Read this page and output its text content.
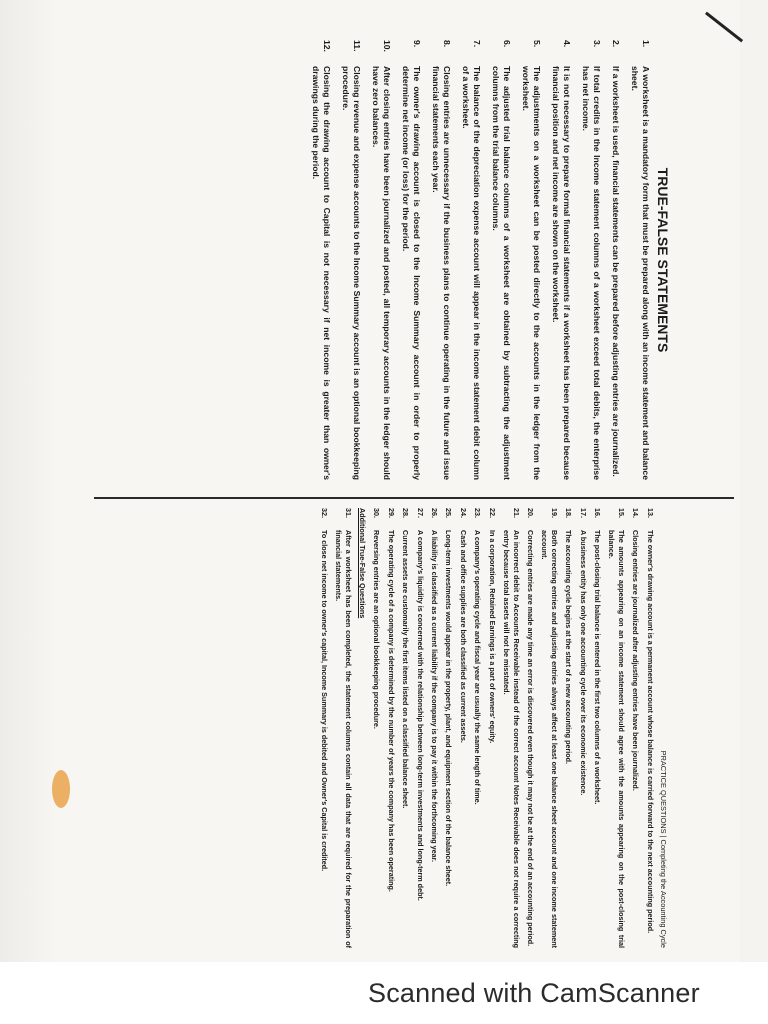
TRUE-FALSE STATEMENTS
1.
A worksheet is a mandatory form that must be prepared along with an income statement and balance sheet.
2.
If a worksheet is used, financial statements can be prepared before adjusting entries are journalized.
3.
If total credits in the Income statement columns of a worksheet exceed total debits, the enterprise has net income.
4.
It is not necessary to prepare formal financial statements if a worksheet has been prepared because financial position and net income are shown on the worksheet.
5.
The adjustments on a worksheet can be posted directly to the accounts in the ledger from the worksheet.
6.
The adjusted trial balance columns of a worksheet are obtained by subtracting the adjustment columns from the trial balance columns.
7.
The balance of the depreciation expense account will appear in the income statement debit column of a worksheet.
8.
Closing entries are unnecessary if the business plans to continue operating in the future and issue financial statements each year.
9.
The owner's drawing account is closed to the Income Summary account in order to properly determine net income (or loss) for the period.
10.
After closing entries have been journalized and posted, all temporary accounts in the ledger should have zero balances.
11.
Closing revenue and expense accounts to the Income Summary account is an optional bookkeeping procedure.
12.
Closing the drawing account to Capital is not necessary if net income is greater than owner's drawings during the period.
PRACTICE QUESTIONS | Completing the Accounting Cycle
13.
The owner's drawing account is a permanent account whose balance is carried forward to the next accounting period.
14.
Closing entries are journalized after adjusting entries have been journalized.
15.
The amounts appearing on an income statement should agree with the amounts appearing on the post-closing trial balance.
16.
The post-closing trial balance is entered in the first two columns of a worksheet.
17.
A business entity has only one accounting cycle over its economic existence.
18.
The accounting cycle begins at the start of a new accounting period.
19.
Both correcting entries and adjusting entries always affect at least one balance sheet account and one income statement account.
20.
Correcting entries are made any time an error is discovered even though it may not be at the end of an accounting period.
21.
An incorrect debit to Accounts Receivable instead of the correct account Notes Receivable does not require a correcting entry because total assets will not be misstated.
22.
In a corporation, Retained Earnings is a part of owners' equity.
23.
A company's operating cycle and fiscal year are usually the same length of time.
24.
Cash and office supplies are both classified as current assets.
25.
Long-term investments would appear in the property, plant, and equipment section of the balance sheet.
26.
A liability is classified as a current liability if the company is to pay it within the forthcoming year.
27.
A company's liquidity is concerned with the relationship between long-term investments and long-term debt.
28.
Current assets are customarily the first items listed on a classified balance sheet.
29.
The operating cycle of a company is determined by the number of years the company has been operating.
30.
Reversing entries are an optional bookkeeping procedure.
Additional True-False Questions
31.
After a worksheet has been completed, the statement columns contain all data that are required for the preparation of financial statements.
32.
To close net income to owner's capital, Income Summary is debited and Owner's Capital is credited.
Scanned with CamScanner
